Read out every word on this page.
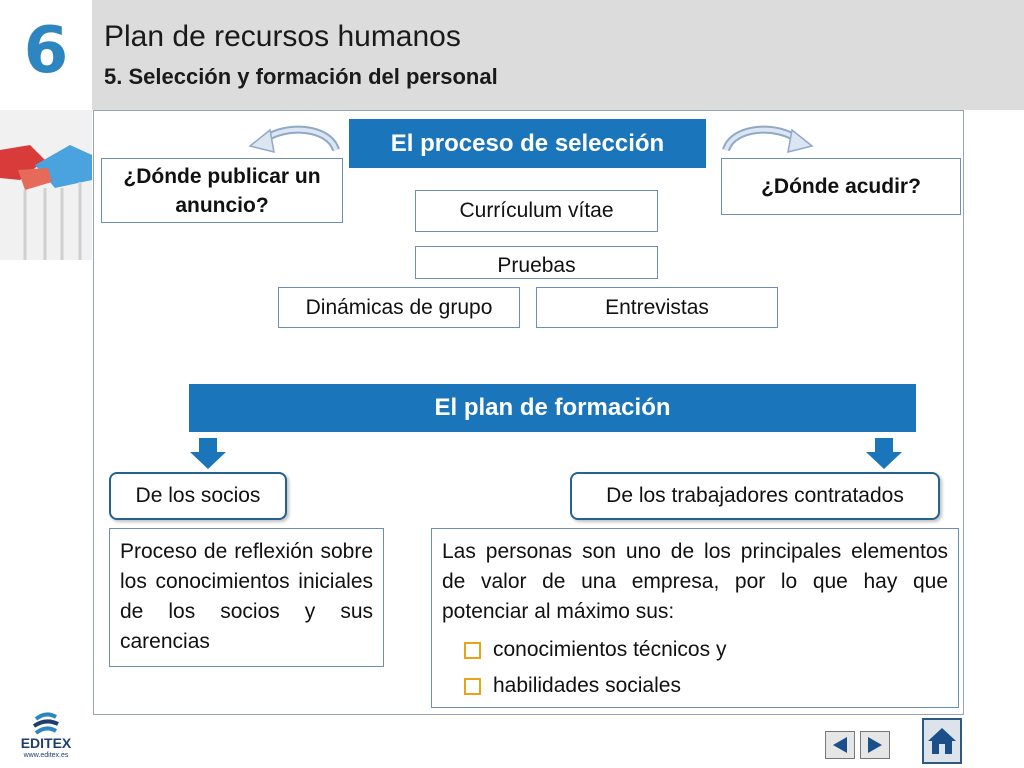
6	Plan de recursos humanos
5. Selección y formación del personal
El proceso de selección
¿Dónde publicar un anuncio?
¿Dónde acudir?
Currículum vítae
Pruebas
Dinámicas de grupo	Entrevistas
El plan de formación
De los socios	De los trabajadores contratados
Proceso de reflexión sobre los conocimientos iniciales de los socios y sus carencias
Las personas son uno de los principales elementos de valor de una empresa, por lo que hay que potenciar al máximo sus:
conocimientos técnicos y
habilidades sociales
EDITEX
www.editex.es
